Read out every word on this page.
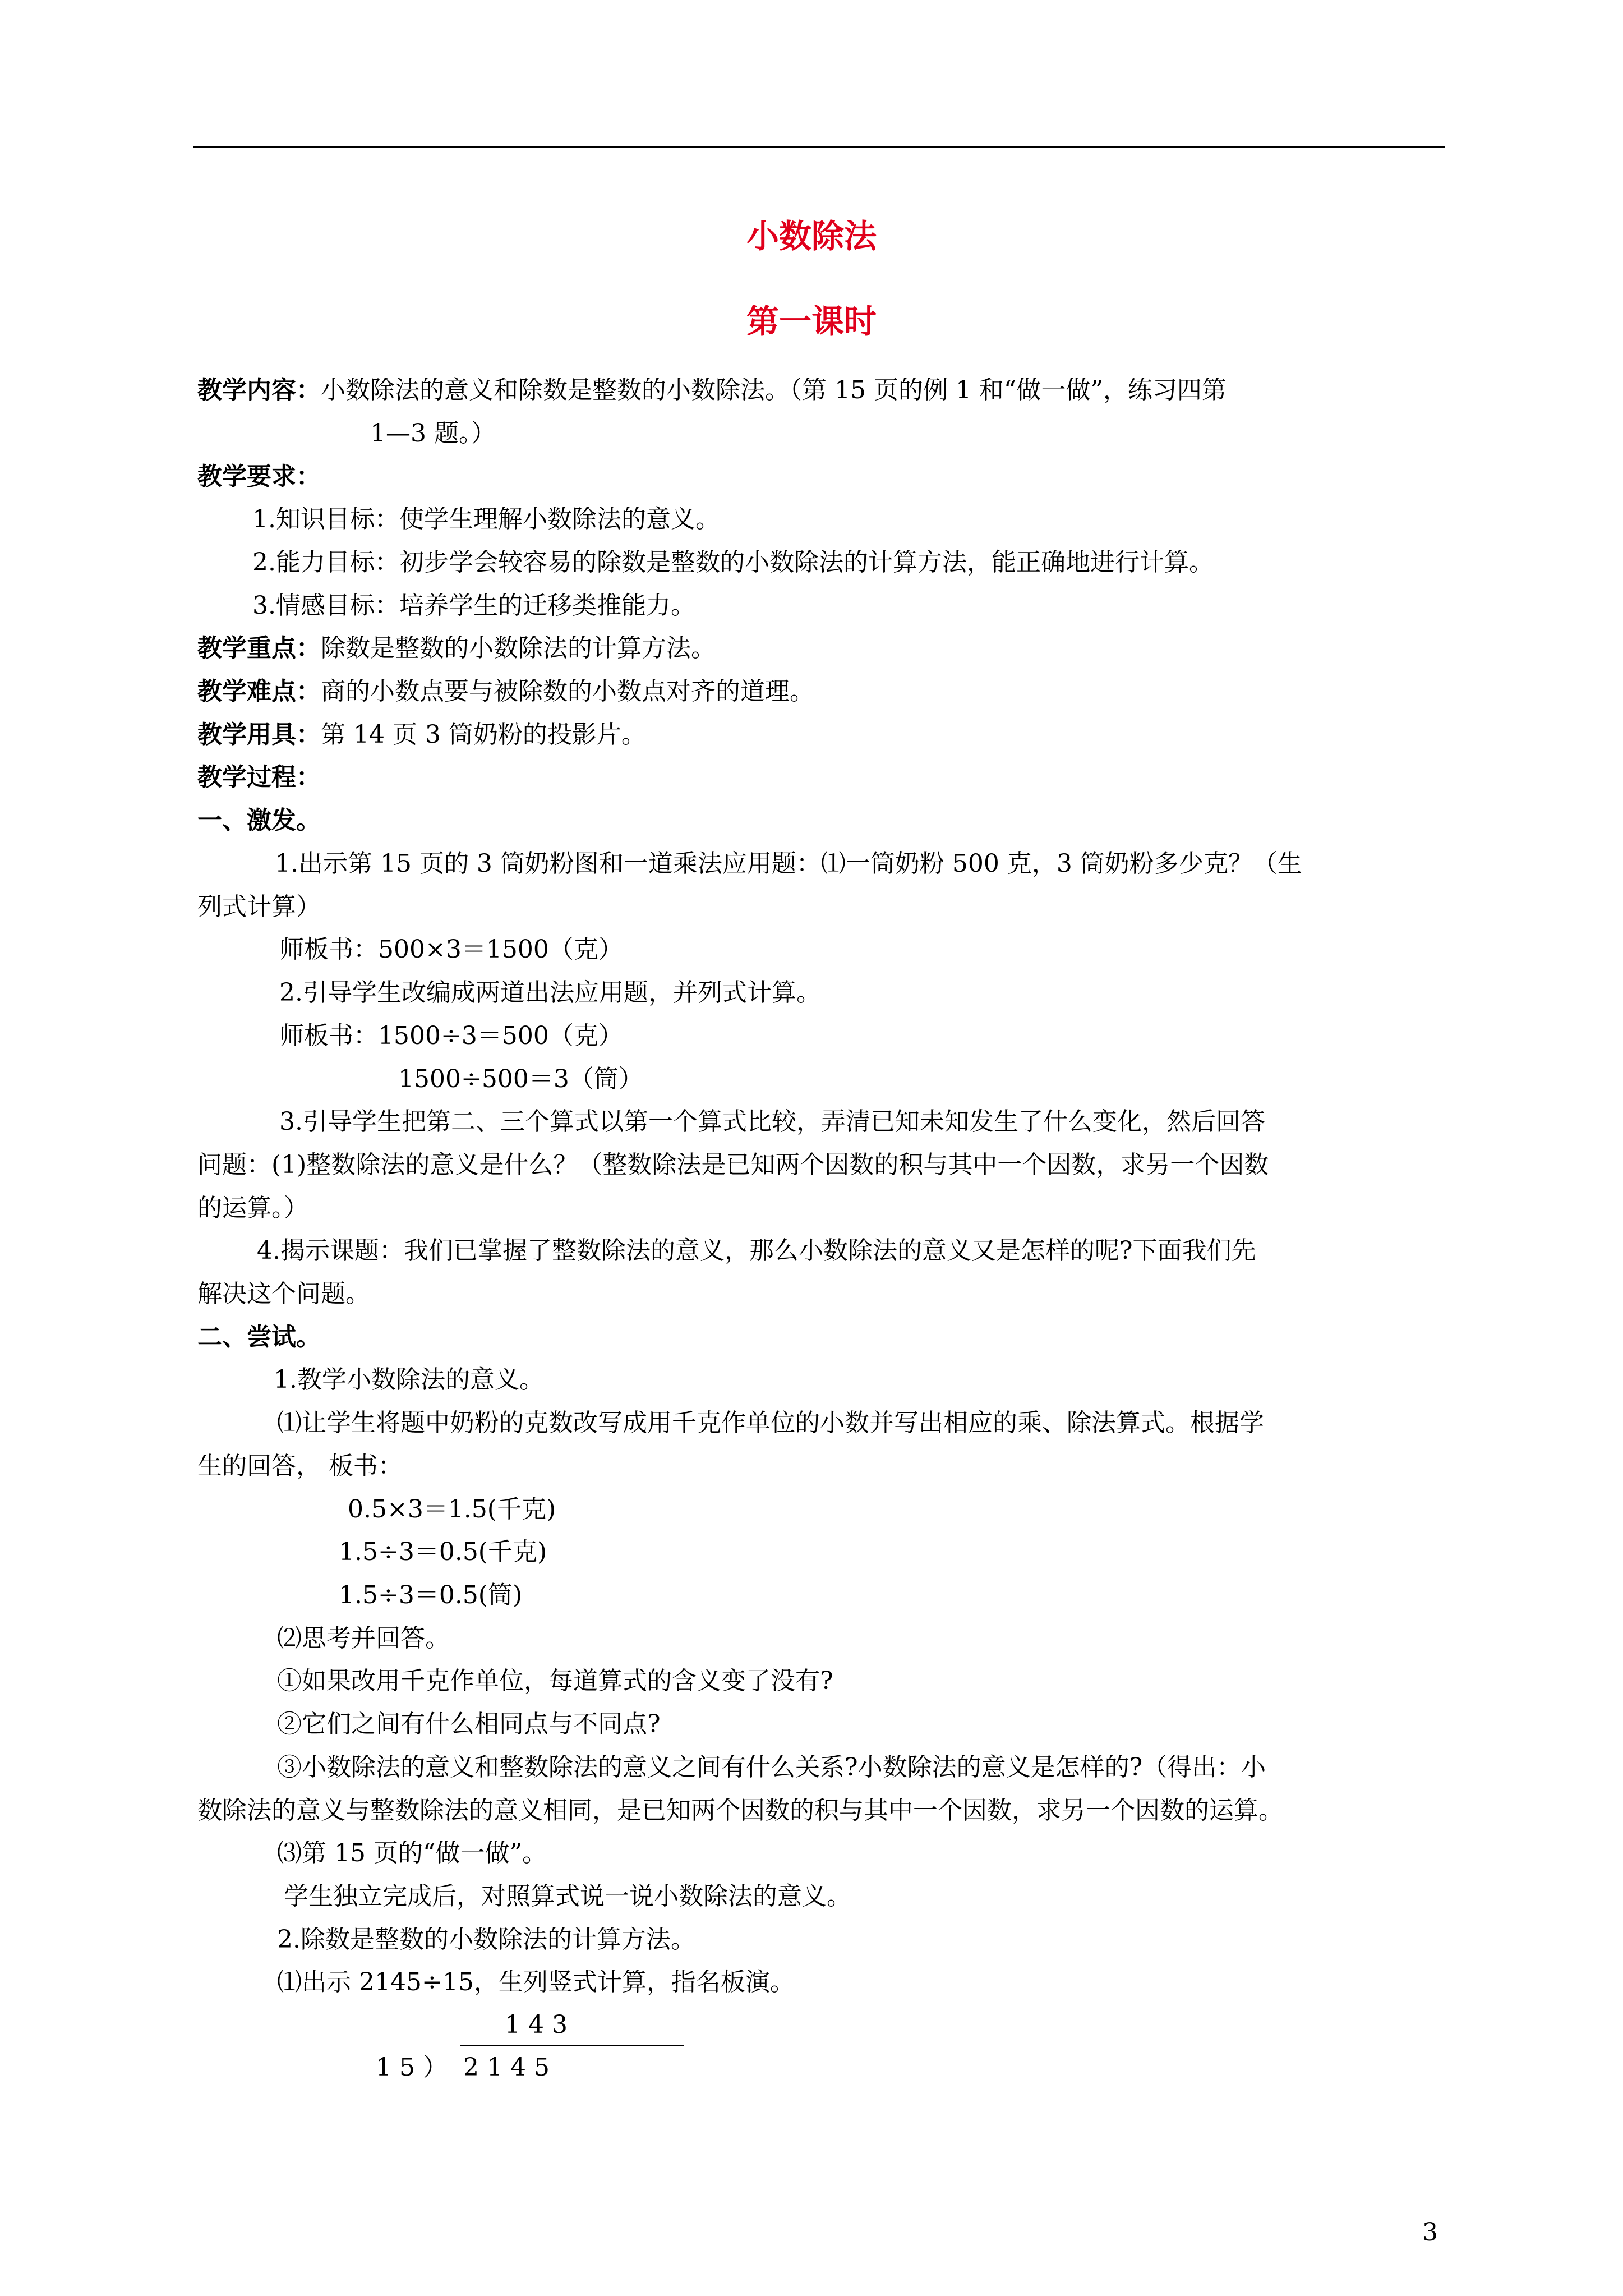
小数除法
第一课时
教学内容：小数除法的意义和除数是整数的小数除法。（第 15 页的例 1 和“做一做”，练习四第
1—3 题。）
教学要求：
1.知识目标：使学生理解小数除法的意义。
2.能力目标：初步学会较容易的除数是整数的小数除法的计算方法，能正确地进行计算。
3.情感目标：培养学生的迁移类推能力。
教学重点：除数是整数的小数除法的计算方法。
教学难点：商的小数点要与被除数的小数点对齐的道理。
教学用具：第 14 页 3 筒奶粉的投影片。
教学过程：
一、激发。
1.出示第 15 页的 3 筒奶粉图和一道乘法应用题：⑴一筒奶粉 500 克，3 筒奶粉多少克？（生
列式计算）
师板书：500×3＝1500（克）
2.引导学生改编成两道出法应用题，并列式计算。
师板书：1500÷3＝500（克）
1500÷500＝3（筒）
3.引导学生把第二、三个算式以第一个算式比较，弄清已知未知发生了什么变化，然后回答
问题：(1)整数除法的意义是什么？（整数除法是已知两个因数的积与其中一个因数，求另一个因数
的运算。）
4.揭示课题：我们已掌握了整数除法的意义，那么小数除法的意义又是怎样的呢?下面我们先
解决这个问题。
二、尝试。
1.教学小数除法的意义。
⑴让学生将题中奶粉的克数改写成用千克作单位的小数并写出相应的乘、除法算式。根据学
生的回答， 板书：
0.5×3＝1.5(千克)
1.5÷3＝0.5(千克)
1.5÷3＝0.5(筒)
⑵思考并回答。
①如果改用千克作单位，每道算式的含义变了没有?
②它们之间有什么相同点与不同点?
③小数除法的意义和整数除法的意义之间有什么关系?小数除法的意义是怎样的?（得出：小
数除法的意义与整数除法的意义相同，是已知两个因数的积与其中一个因数，求另一个因数的运算。
⑶第 15 页的“做一做”。
学生独立完成后，对照算式说一说小数除法的意义。
2.除数是整数的小数除法的计算方法。
⑴出示 2145÷15，生列竖式计算，指名板演。
1 4 3
1 5 ） 2 1 4 5
3
